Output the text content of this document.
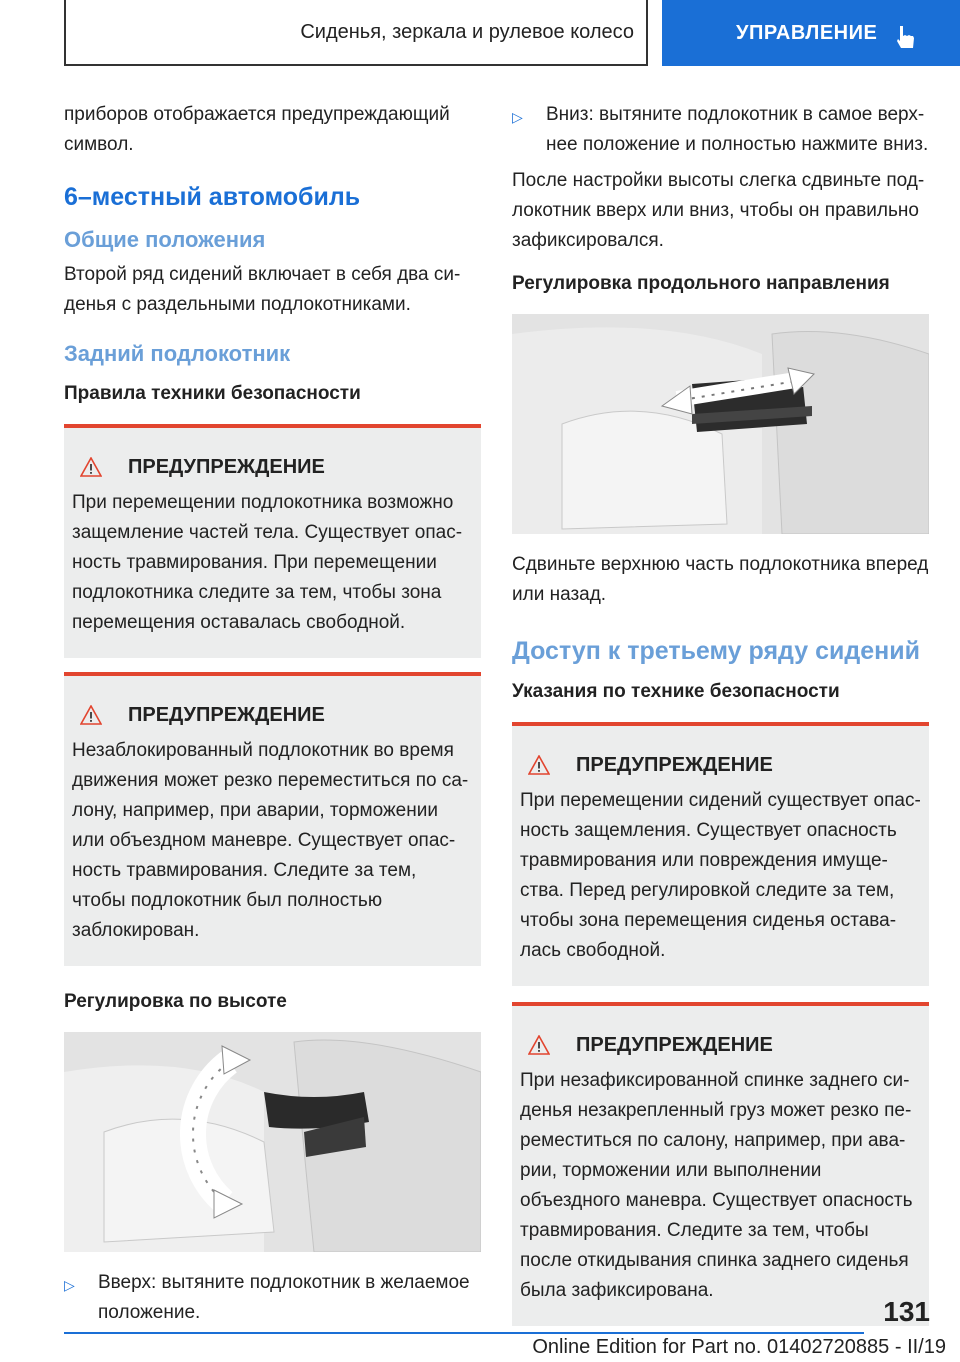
Сиденья, зеркала и рулевое колесо	УПРАВЛЕНИЕ

приборов отображается предупреждающий символ.

6–местный автомобиль
Общие положения

Второй ряд сидений включает в себя два сиденья с раздельными подлокотниками.

Задний подлокотник
Правила техники безопасности
ПРЕДУПРЕЖДЕНИЕ

При перемещении подлокотника возможно защемление частей тела. Существует опасность травмирования. При перемещении подлокотника следите за тем, чтобы зона перемещения оставалась свободной.

ПРЕДУПРЕЖДЕНИЕ

Незаблокированный подлокотник во время движения может резко переместиться по салону, например, при аварии, торможении или объездном маневре. Существует опасность травмирования. Следите за тем, чтобы подлокотник был полностью заблокирован.

Регулировка по высоте
▷	Вверх: вытяните подлокотник в желаемое положение.
▷	Вниз: вытяните подлокотник в самое верхнее положение и полностью нажмите вниз.

После настройки высоты слегка сдвиньте подлокотник вверх или вниз, чтобы он правильно зафиксировался.

Регулировка продольного направления

Сдвиньте верхнюю часть подлокотника вперед или назад.

Доступ к третьему ряду сидений
Указания по технике безопасности
ПРЕДУПРЕЖДЕНИЕ

При перемещении сидений существует опасность защемления. Существует опасность травмирования или повреждения имущества. Перед регулировкой следите за тем, чтобы зона перемещения сиденья оставалась свободной.

ПРЕДУПРЕЖДЕНИЕ

При незафиксированной спинке заднего сиденья незакрепленный груз может резко переместиться по салону, например, при аварии, торможении или выполнении объездного маневра. Существует опасность травмирования. Следите за тем, чтобы после откидывания спинка заднего сиденья была зафиксирована.

131
Online Edition for Part no. 01402720885 - II/19
